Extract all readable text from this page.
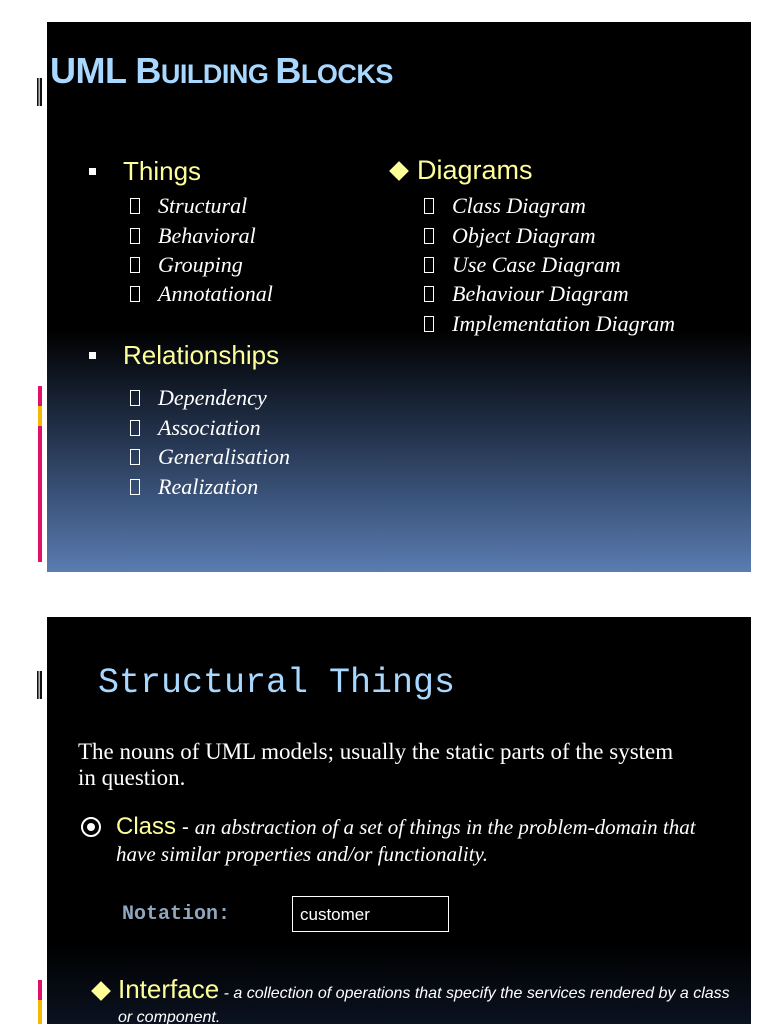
UML BUILDING BLOCKS
Things
Structural
Behavioral
Grouping
Annotational
Relationships
Dependency
Association
Generalisation
Realization
Diagrams
Class Diagram
Object Diagram
Use Case Diagram
Behaviour Diagram
Implementation Diagram
Structural Things
The nouns of UML models; usually the static parts of the system in question.
Class - an abstraction of a set of things in the problem-domain that have similar properties and/or functionality.
Notation:	customer
Interface - a collection of operations that specify the services rendered by a class or component.
